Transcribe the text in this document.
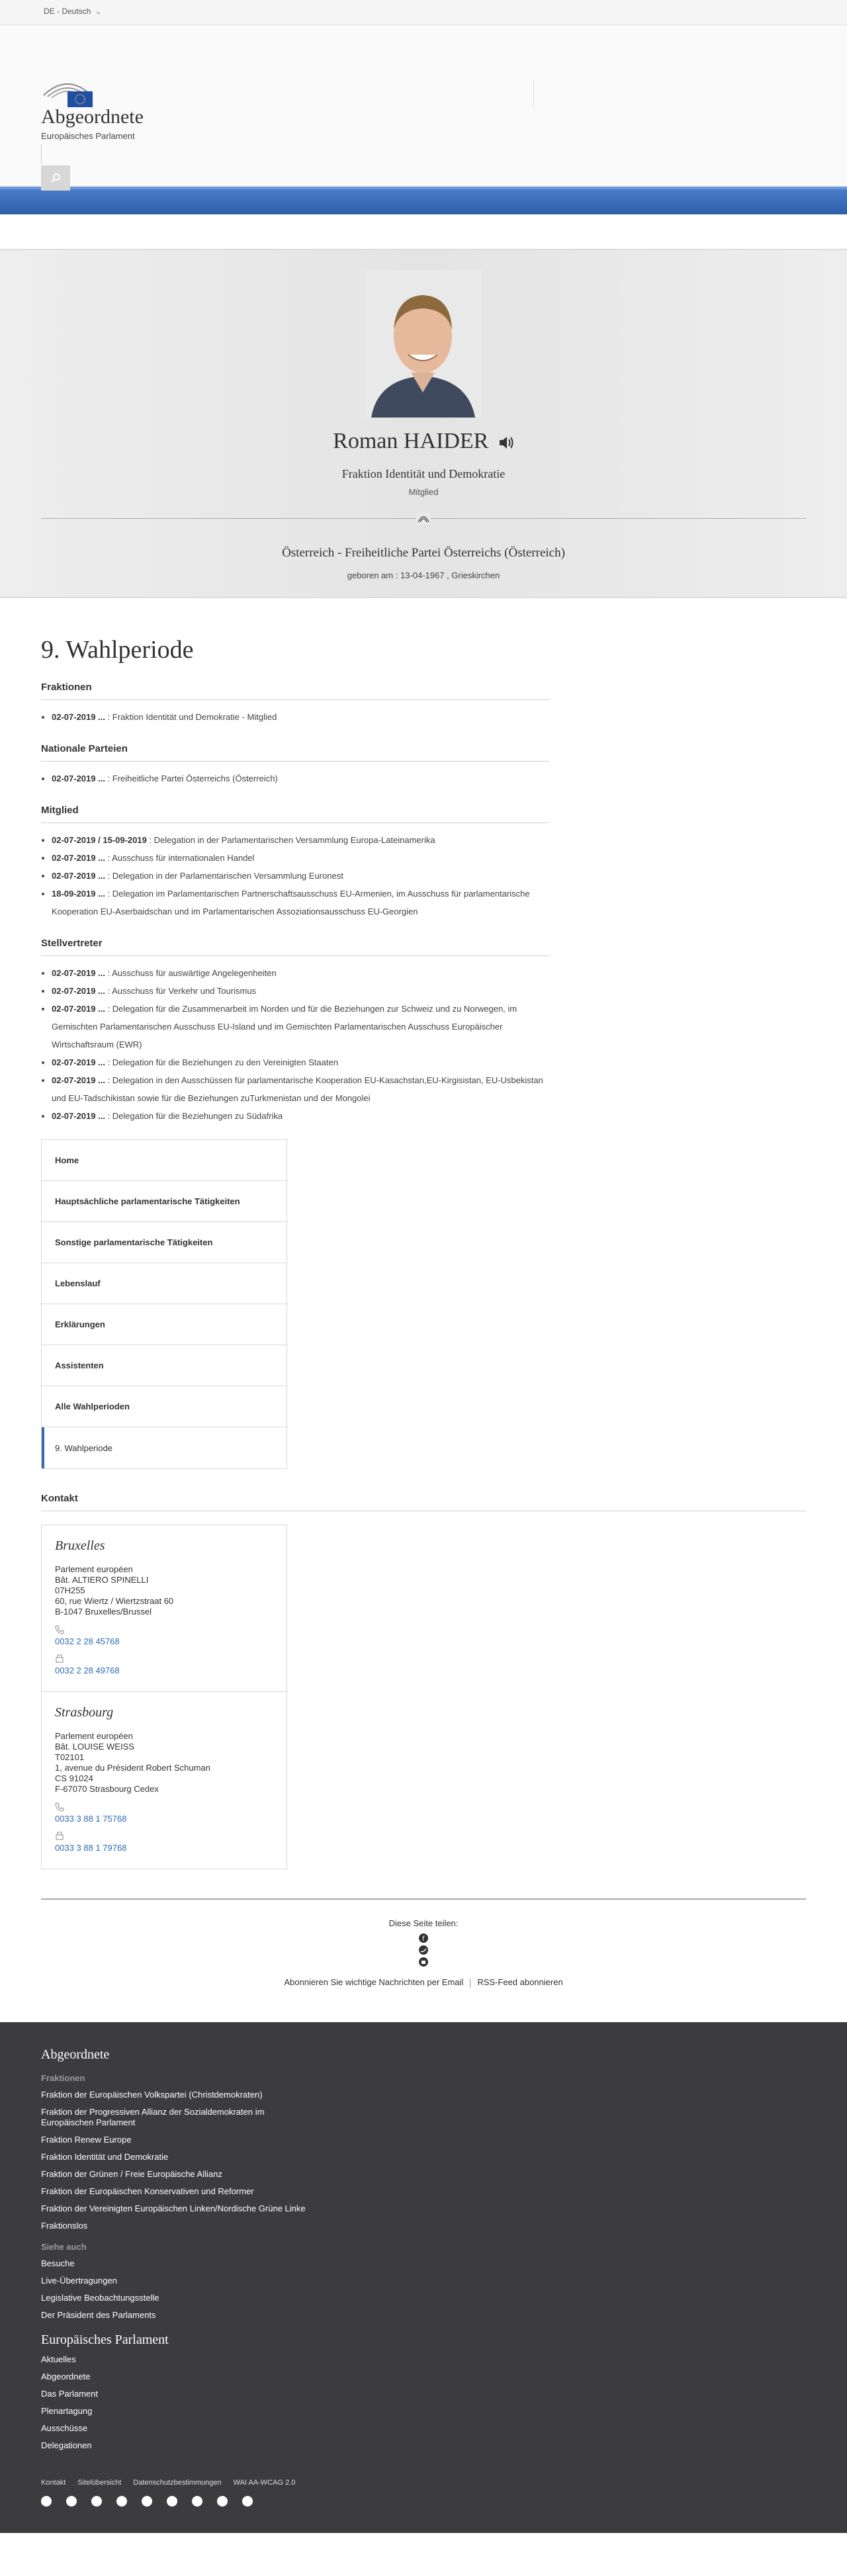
DE - Deutsch ⌄
Abgeordnete
Europäisches Parlament
Roman HAIDER
Fraktion Identität und Demokratie
Mitglied
Österreich - Freiheitliche Partei Österreichs (Österreich)
geboren am : 13-04-1967 , Grieskirchen
9. Wahlperiode
Fraktionen
• 02-07-2019 ... : Fraktion Identität und Demokratie - Mitglied
Nationale Parteien
• 02-07-2019 ... : Freiheitliche Partei Österreichs (Österreich)
Mitglied
• 02-07-2019 / 15-09-2019 : Delegation in der Parlamentarischen Versammlung Europa-Lateinamerika
• 02-07-2019 ... : Ausschuss für internationalen Handel
• 02-07-2019 ... : Delegation in der Parlamentarischen Versammlung Euronest
• 18-09-2019 ... : Delegation im Parlamentarischen Partnerschaftsausschuss EU-Armenien, im Ausschuss für parlamentarische Kooperation EU-Aserbaidschan und im Parlamentarischen Assoziationsausschuss EU-Georgien
Stellvertreter
• 02-07-2019 ... : Ausschuss für auswärtige Angelegenheiten
• 02-07-2019 ... : Ausschuss für Verkehr und Tourismus
• 02-07-2019 ... : Delegation für die Zusammenarbeit im Norden und für die Beziehungen zur Schweiz und zu Norwegen, im Gemischten Parlamentarischen Ausschuss EU-Island und im Gemischten Parlamentarischen Ausschuss Europäischer Wirtschaftsraum (EWR)
• 02-07-2019 ... : Delegation für die Beziehungen zu den Vereinigten Staaten
• 02-07-2019 ... : Delegation in den Ausschüssen für parlamentarische Kooperation EU-Kasachstan,EU-Kirgisistan, EU-Usbekistan und EU-Tadschikistan sowie für die Beziehungen zuTurkmenistan und der Mongolei
• 02-07-2019 ... : Delegation für die Beziehungen zu Südafrika
Home
Hauptsächliche parlamentarische Tätigkeiten
Sonstige parlamentarische Tätigkeiten
Lebenslauf
Erklärungen
Assistenten
Alle Wahlperioden
9. Wahlperiode
Kontakt
Bruxelles
Parlement européen
Bât. ALTIERO SPINELLI
07H255
60, rue Wiertz / Wiertzstraat 60
B-1047 Bruxelles/Brussel
0032 2 28 45768
0032 2 28 49768
Strasbourg
Parlement européen
Bât. LOUISE WEISS
T02101
1, avenue du Président Robert Schuman
CS 91024
F-67070 Strasbourg Cedex
0033 3 88 1 75768
0033 3 88 1 79768
Diese Seite teilen:
f
Abonnieren Sie wichtige Nachrichten per Email RSS-Feed abonnieren
Abgeordnete
Fraktionen
Fraktion der Europäischen Volkspartei (Christdemokraten)
Fraktion der Progressiven Allianz der Sozialdemokraten im Europäischen Parlament
Fraktion Renew Europe
Fraktion Identität und Demokratie
Fraktion der Grünen / Freie Europäische Allianz
Fraktion der Europäischen Konservativen und Reformer
Fraktion der Vereinigten Europäischen Linken/Nordische Grüne Linke
Fraktionslos
Siehe auch
Besuche
Live-Übertragungen
Legislative Beobachtungsstelle
Der Präsident des Parlaments
Europäisches Parlament
Aktuelles
Abgeordnete
Das Parlament
Plenartagung
Ausschüsse
Delegationen
Kontakt Sitelübersicht Datenschutzbestimmungen WAI AA-WCAG 2.0
